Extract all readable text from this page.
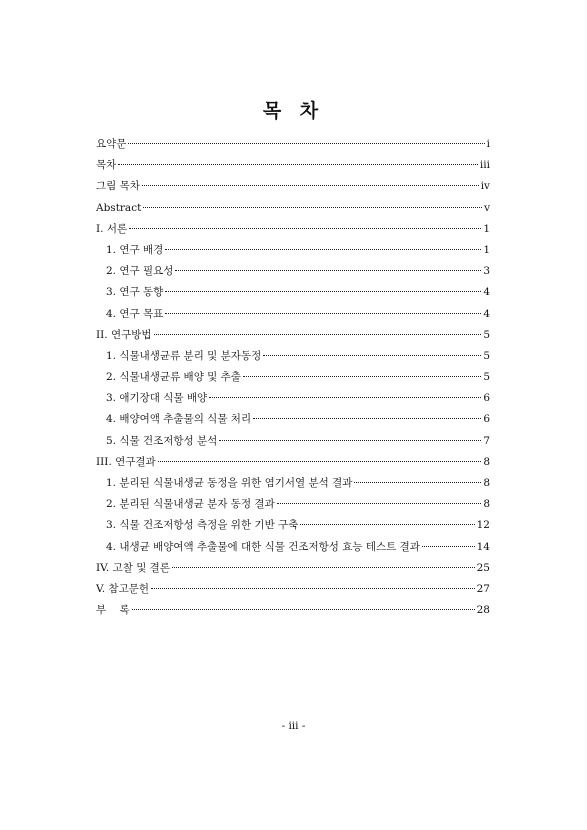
목 차
요약문	i
목차	iii
그림 목차	iv
Abstract	v
I. 서론	1
1. 연구 배경	1
2. 연구 필요성	3
3. 연구 동향	4
4. 연구 목표	4
II. 연구방법	5
1. 식물내생균류 분리 및 분자동정	5
2. 식물내생균류 배양 및 추출	5
3. 애기장대 식물 배양	6
4. 배양여액 추출물의 식물 처리	6
5. 식물 건조저항성 분석	7
III. 연구결과	8
1. 분리된 식물내생균 동정을 위한 염기서열 분석 결과	8
2. 분리된 식물내생균 분자 동정 결과	8
3. 식물 건조저항성 측정을 위한 기반 구축	12
4. 내생균 배양여액 추출물에 대한 식물 건조저항성 효능 테스트 결과	14
IV. 고찰 및 결론	25
V. 참고문헌	27
부    록	28
- iii -
